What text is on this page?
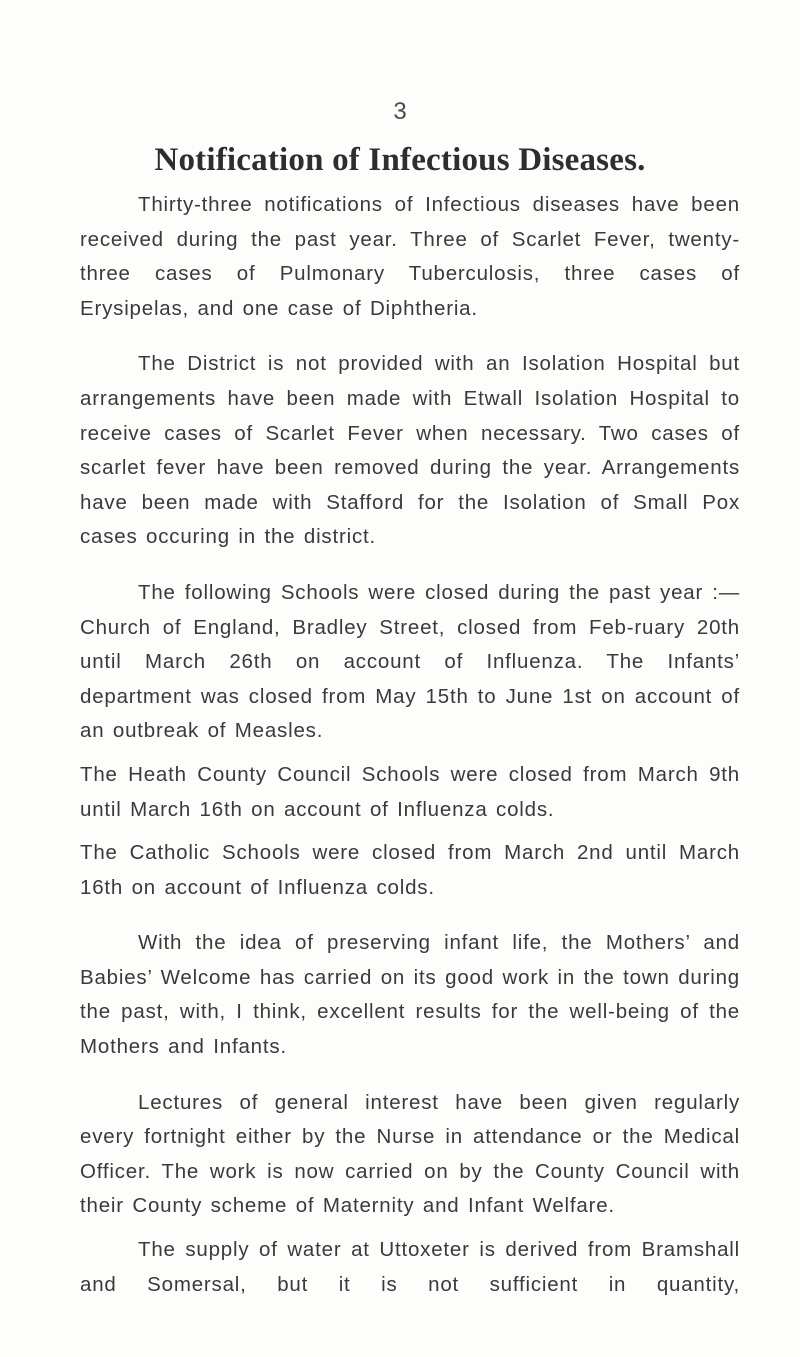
3
Notification of Infectious Diseases.

Thirty-three notifications of Infectious diseases have been received during the past year. Three of Scarlet Fever, twenty-three cases of Pulmonary Tuberculosis, three cases of Erysipelas, and one case of Diphtheria.

The District is not provided with an Isolation Hospital but arrangements have been made with Etwall Isolation Hospital to receive cases of Scarlet Fever when necessary. Two cases of scarlet fever have been removed during the year. Arrangements have been made with Stafford for the Isolation of Small Pox cases occuring in the district.

The following Schools were closed during the past year :—Church of England, Bradley Street, closed from Feb-ruary 20th until March 26th on account of Influenza. The Infants’ department was closed from May 15th to June 1st on account of an outbreak of Measles.

The Heath County Council Schools were closed from March 9th until March 16th on account of Influenza colds.

The Catholic Schools were closed from March 2nd until March 16th on account of Influenza colds.

With the idea of preserving infant life, the Mothers’ and Babies’ Welcome has carried on its good work in the town during the past, with, I think, excellent results for the well-being of the Mothers and Infants.

Lectures of general interest have been given regularly every fortnight either by the Nurse in attendance or the Medical Officer. The work is now carried on by the County Council with their County scheme of Maternity and Infant Welfare.

The supply of water at Uttoxeter is derived from Bramshall and Somersal, but it is not sufficient in quantity,
